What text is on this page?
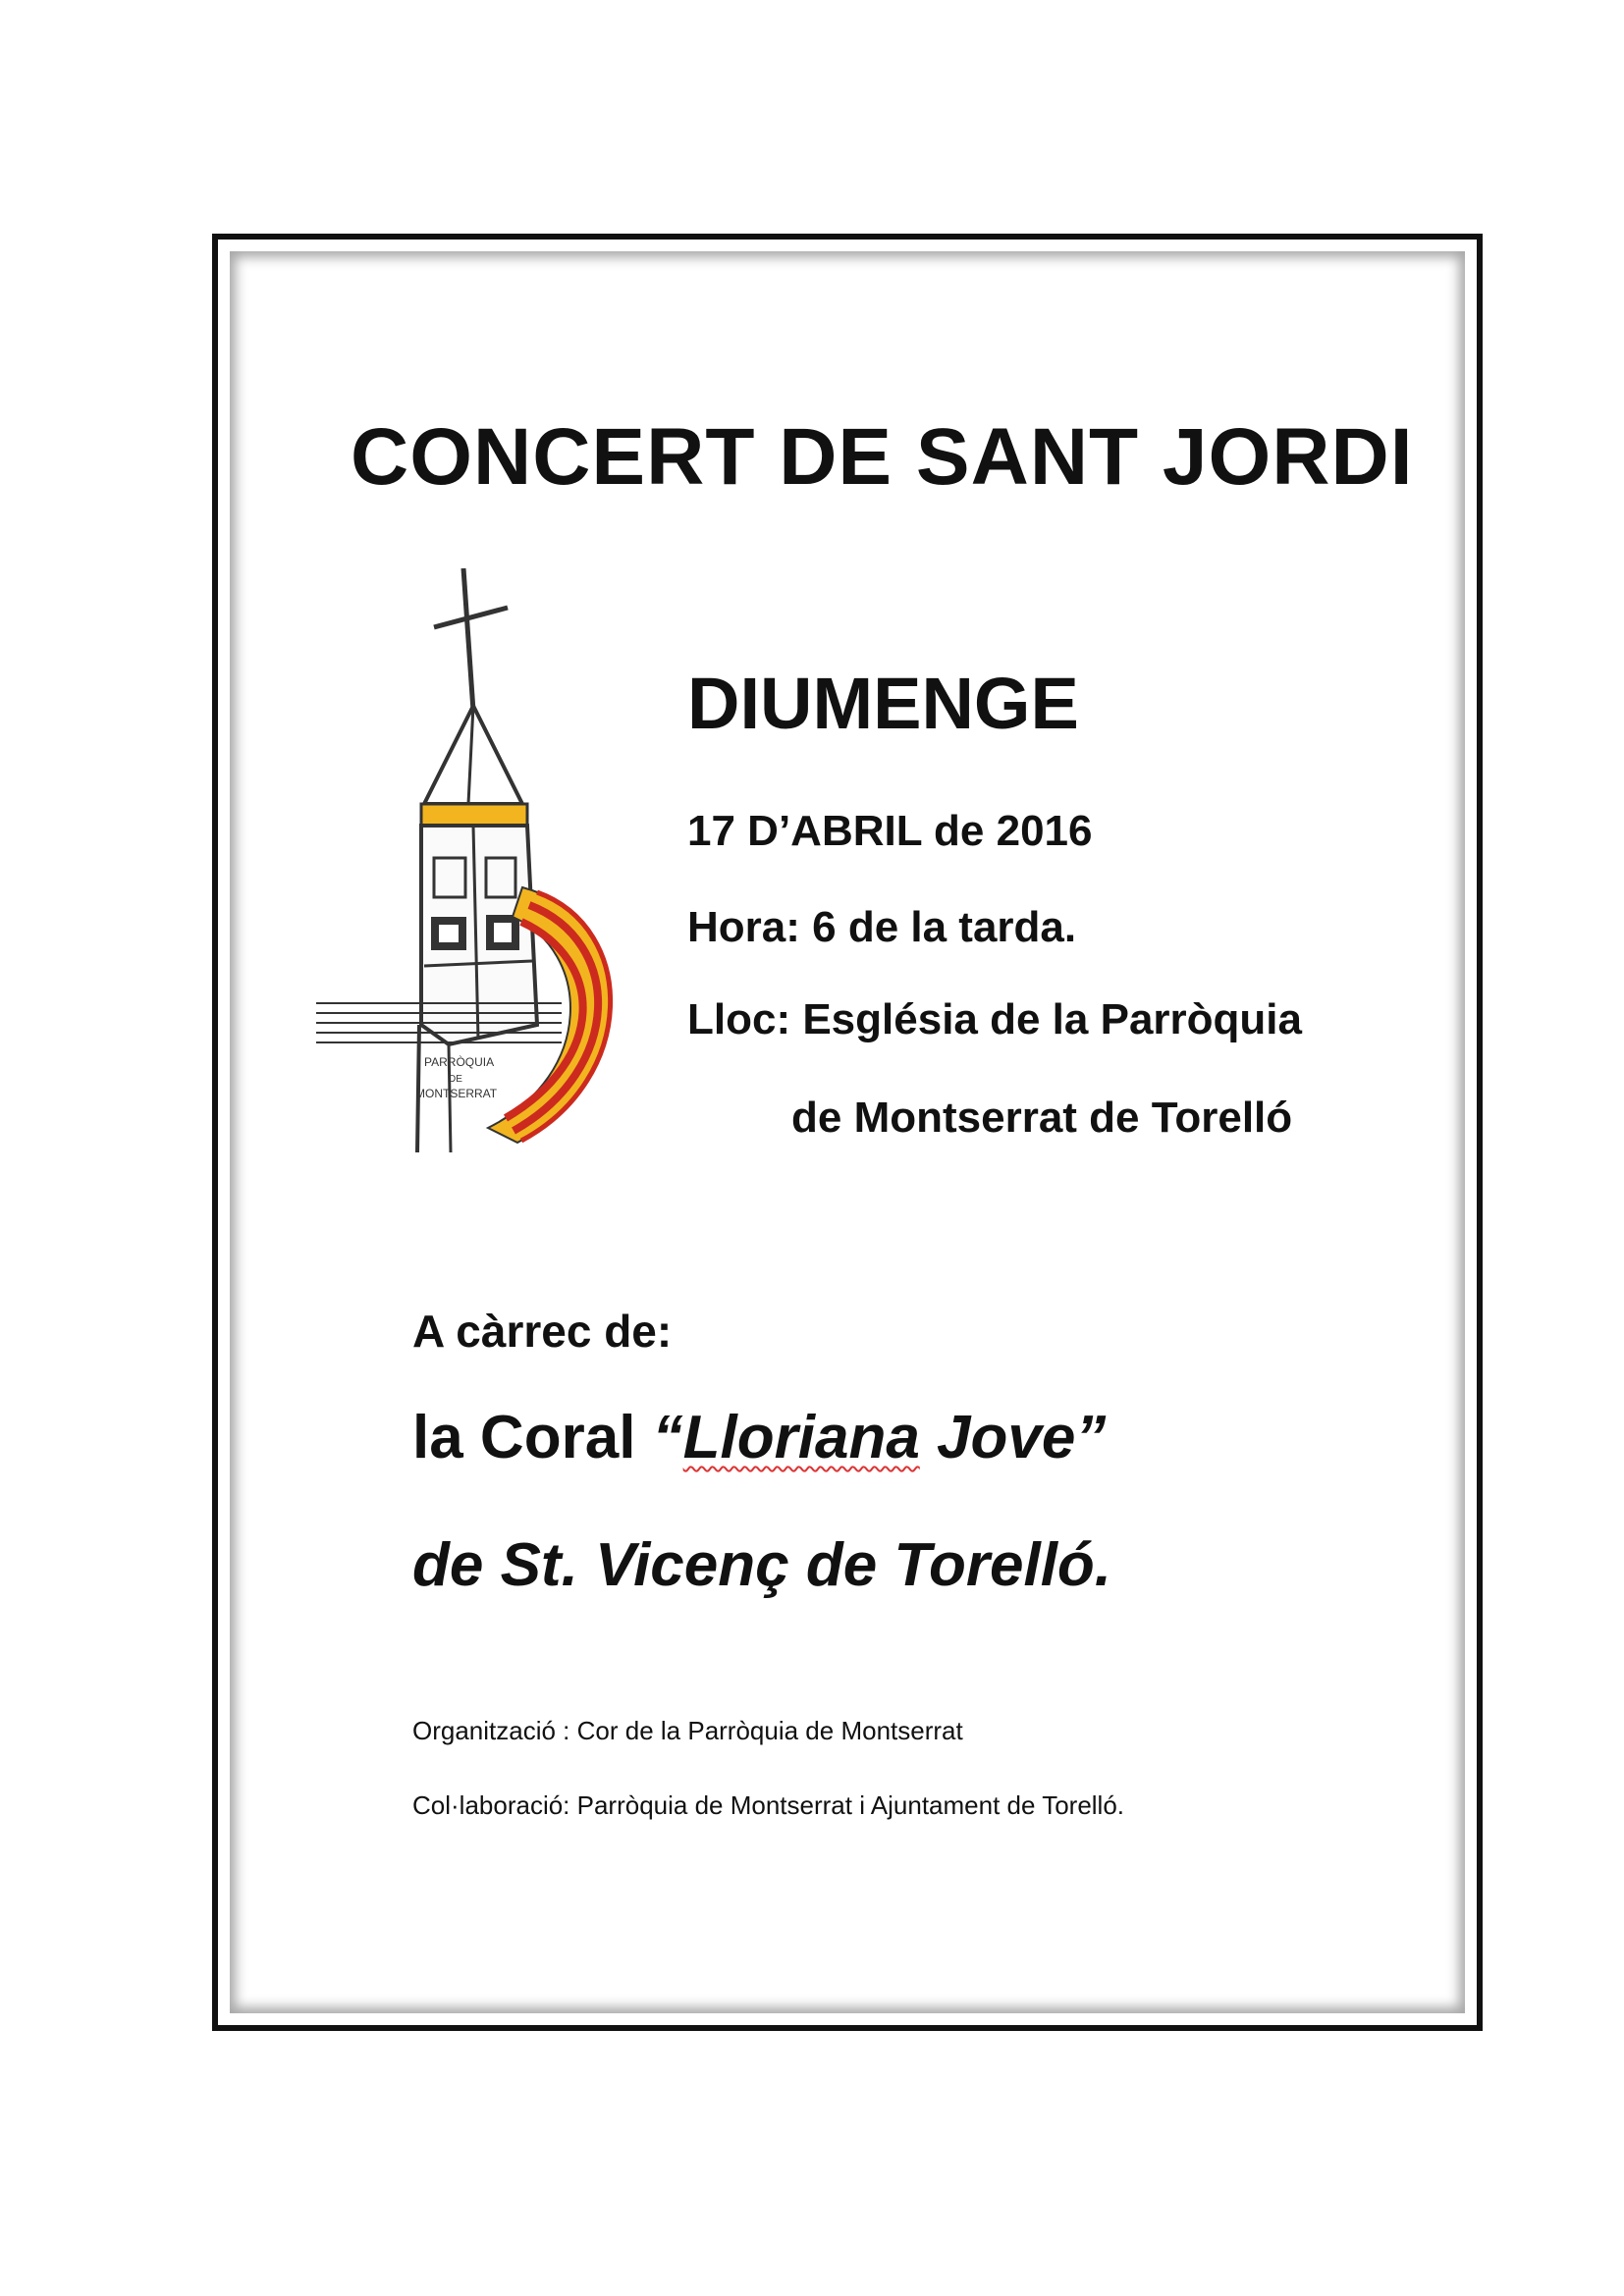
CONCERT DE SANT JORDI
PARRÒQUIA
DE
MONTSERRAT
DIUMENGE
17 D’ABRIL de 2016
Hora: 6 de la tarda.
Lloc: Església de la Parròquia
de Montserrat de Torelló
A càrrec de:
la Coral “Lloriana Jove”
de St. Vicenç de Torelló.
Organització : Cor de la Parròquia de Montserrat
Col·laboració: Parròquia de Montserrat i Ajuntament de Torelló.
